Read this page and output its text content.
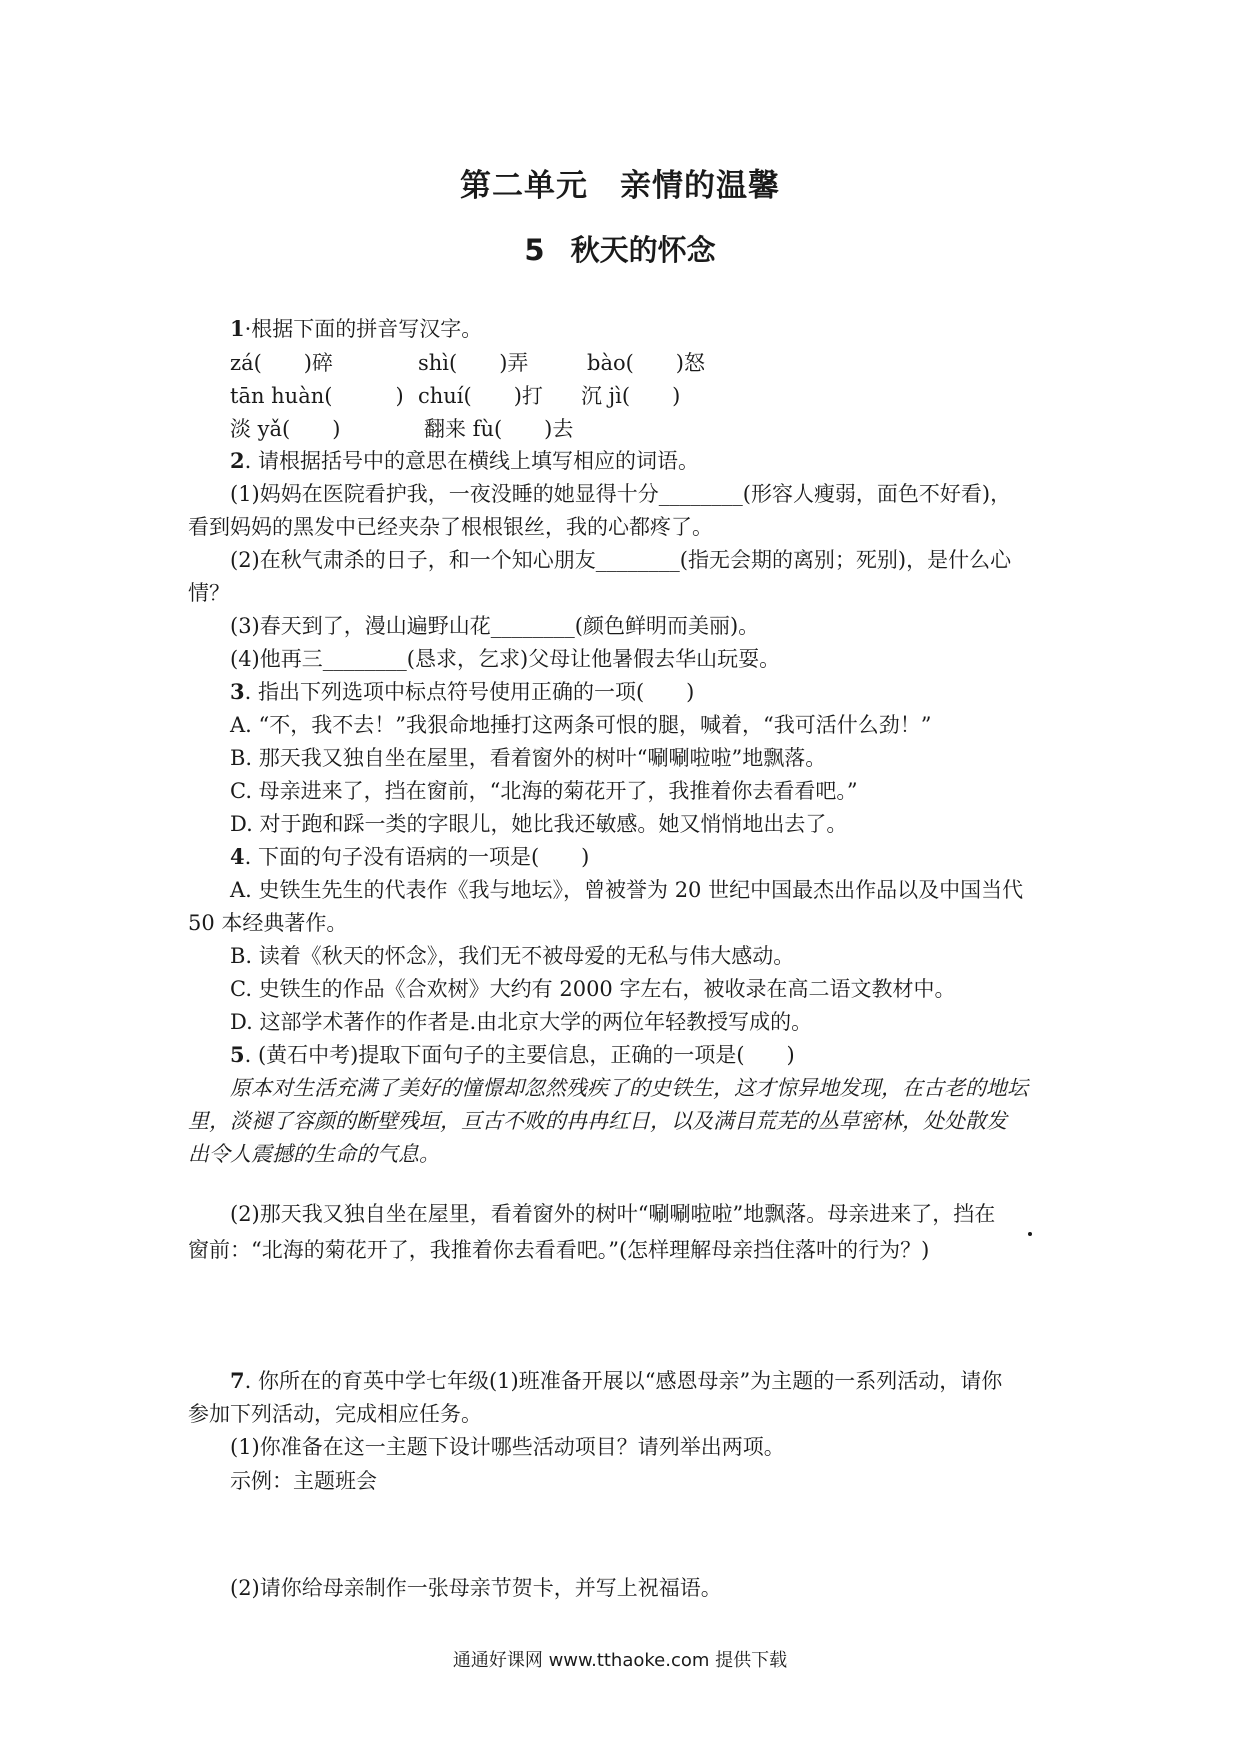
第二单元　亲情的温馨
5 秋天的怀念
1·根据下面的拼音写汉字。
zá(　　)碎	shì(　　)弄	bào(　　)怒
tān huàn(　　　) chuí(　　)打 沉 jì(　　)
淡 yǎ(　　)	翻来 fù(　　)去
2. 请根据括号中的意思在横线上填写相应的词语。
(1)妈妈在医院看护我，一夜没睡的她显得十分________(形容人瘦弱，面色不好看)，
看到妈妈的黑发中已经夹杂了根根银丝，我的心都疼了。
(2)在秋气肃杀的日子，和一个知心朋友________(指无会期的离别；死别)，是什么心
情？
(3)春天到了，漫山遍野山花________(颜色鲜明而美丽)。
(4)他再三________(恳求，乞求)父母让他暑假去华山玩耍。
3. 指出下列选项中标点符号使用正确的一项(　　)
A. “不，我不去！”我狠命地捶打这两条可恨的腿，喊着，“我可活什么劲！”
B. 那天我又独自坐在屋里，看着窗外的树叶“唰唰啦啦”地飘落。
C. 母亲进来了，挡在窗前，“北海的菊花开了，我推着你去看看吧。”
D. 对于跑和踩一类的字眼儿，她比我还敏感。她又悄悄地出去了。
4. 下面的句子没有语病的一项是(　　)
A. 史铁生先生的代表作《我与地坛》，曾被誉为 20 世纪中国最杰出作品以及中国当代
50 本经典著作。
B. 读着《秋天的怀念》，我们无不被母爱的无私与伟大感动。
C. 史铁生的作品《合欢树》大约有 2000 字左右，被收录在高二语文教材中。
D. 这部学术著作的作者是.由北京大学的两位年轻教授写成的。
5. (黄石中考)提取下面句子的主要信息，正确的一项是(　　)
原本对生活充满了美好的憧憬却忽然残疾了的史铁生，这才惊异地发现，在古老的地坛
里，淡褪了容颜的断壁残垣，亘古不败的冉冉红日，以及满目荒芜的丛草密林，处处散发
出令人震撼的生命的气息。
(2)那天我又独自坐在屋里，看着窗外的树叶“唰唰啦啦”地飘落。母亲进来了，挡在
窗前：“北海的菊花开了，我推着你去看看吧。”(怎样理解母亲挡住落叶的行为？)
7. 你所在的育英中学七年级(1)班准备开展以“感恩母亲”为主题的一系列活动，请你
参加下列活动，完成相应任务。
(1)你准备在这一主题下设计哪些活动项目？请列举出两项。
示例：主题班会
(2)请你给母亲制作一张母亲节贺卡，并写上祝福语。
通通好课网 www.tthaoke.com 提供下载
